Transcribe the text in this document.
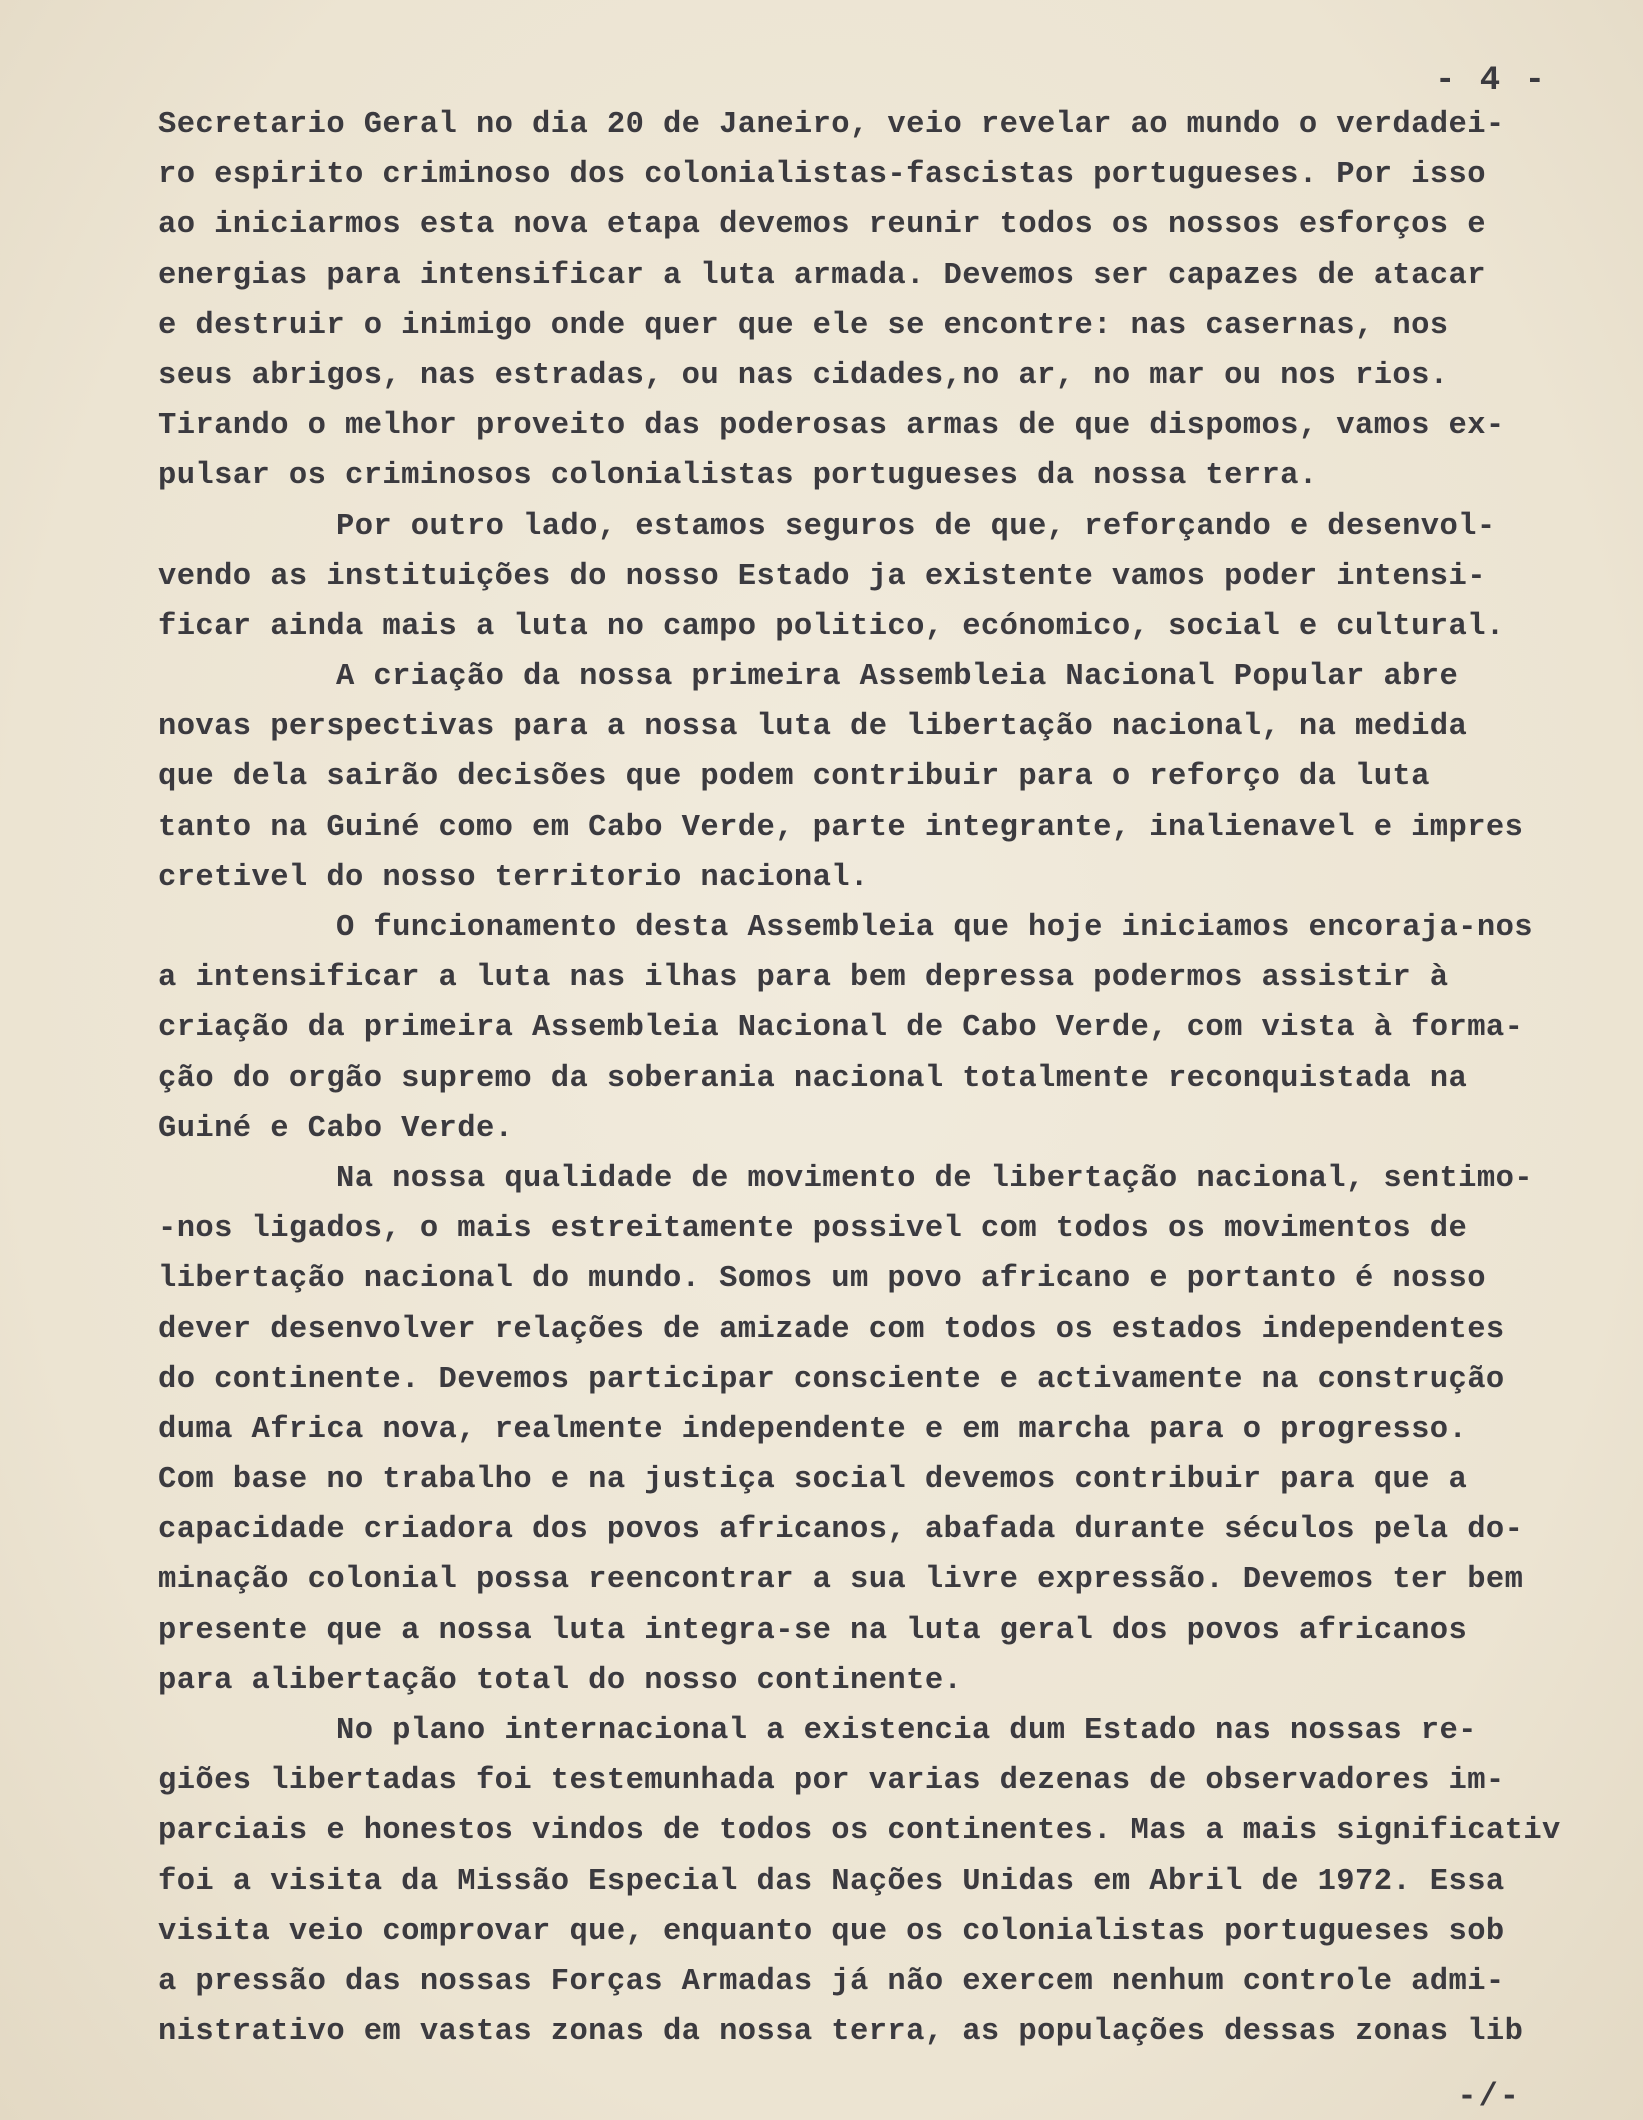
- 4 -
Secretario Geral no dia 20 de Janeiro, veio revelar ao mundo o verdadei-
ro espirito criminoso dos colonialistas-fascistas portugueses. Por isso
ao iniciarmos esta nova etapa devemos reunir todos os nossos esforços e
energias para intensificar a luta armada. Devemos ser capazes de atacar
e destruir o inimigo onde quer que ele se encontre: nas casernas, nos
seus abrigos, nas estradas, ou nas cidades,no ar, no mar ou nos rios.
Tirando o melhor proveito das poderosas armas de que dispomos, vamos ex-
pulsar os criminosos colonialistas portugueses da nossa terra.
Por outro lado, estamos seguros de que, reforçando e desenvol-
vendo as instituições do nosso Estado ja existente vamos poder intensi-
ficar ainda mais a luta no campo politico, ecónomico, social e cultural.
A criação da nossa primeira Assembleia Nacional Popular abre
novas perspectivas para a nossa luta de libertação nacional, na medida
que dela sairão decisões que podem contribuir para o reforço da luta
tanto na Guiné como em Cabo Verde, parte integrante, inalienavel e impres
cretivel do nosso territorio nacional.
O funcionamento desta Assembleia que hoje iniciamos encoraja-nos
a intensificar a luta nas ilhas para bem depressa podermos assistir à
criação da primeira Assembleia Nacional de Cabo Verde, com vista à forma-
ção do orgão supremo da soberania nacional totalmente reconquistada na
Guiné e Cabo Verde.
Na nossa qualidade de movimento de libertação nacional, sentimo-
-nos ligados, o mais estreitamente possivel com todos os movimentos de
libertação nacional do mundo. Somos um povo africano e portanto é nosso
dever desenvolver relações de amizade com todos os estados independentes
do continente. Devemos participar consciente e activamente na construção
duma Africa nova, realmente independente e em marcha para o progresso.
Com base no trabalho e na justiça social devemos contribuir para que a
capacidade criadora dos povos africanos, abafada durante séculos pela do-
minação colonial possa reencontrar a sua livre expressão. Devemos ter bem
presente que a nossa luta integra-se na luta geral dos povos africanos
para alibertação total do nosso continente.
No plano internacional a existencia dum Estado nas nossas re-
giões libertadas foi testemunhada por varias dezenas de observadores im-
parciais e honestos vindos de todos os continentes. Mas a mais significativ
foi a visita da Missão Especial das Nações Unidas em Abril de 1972. Essa
visita veio comprovar que, enquanto que os colonialistas portugueses sob
a pressão das nossas Forças Armadas já não exercem nenhum controle admi-
nistrativo em vastas zonas da nossa terra, as populações dessas zonas lib
-/-
